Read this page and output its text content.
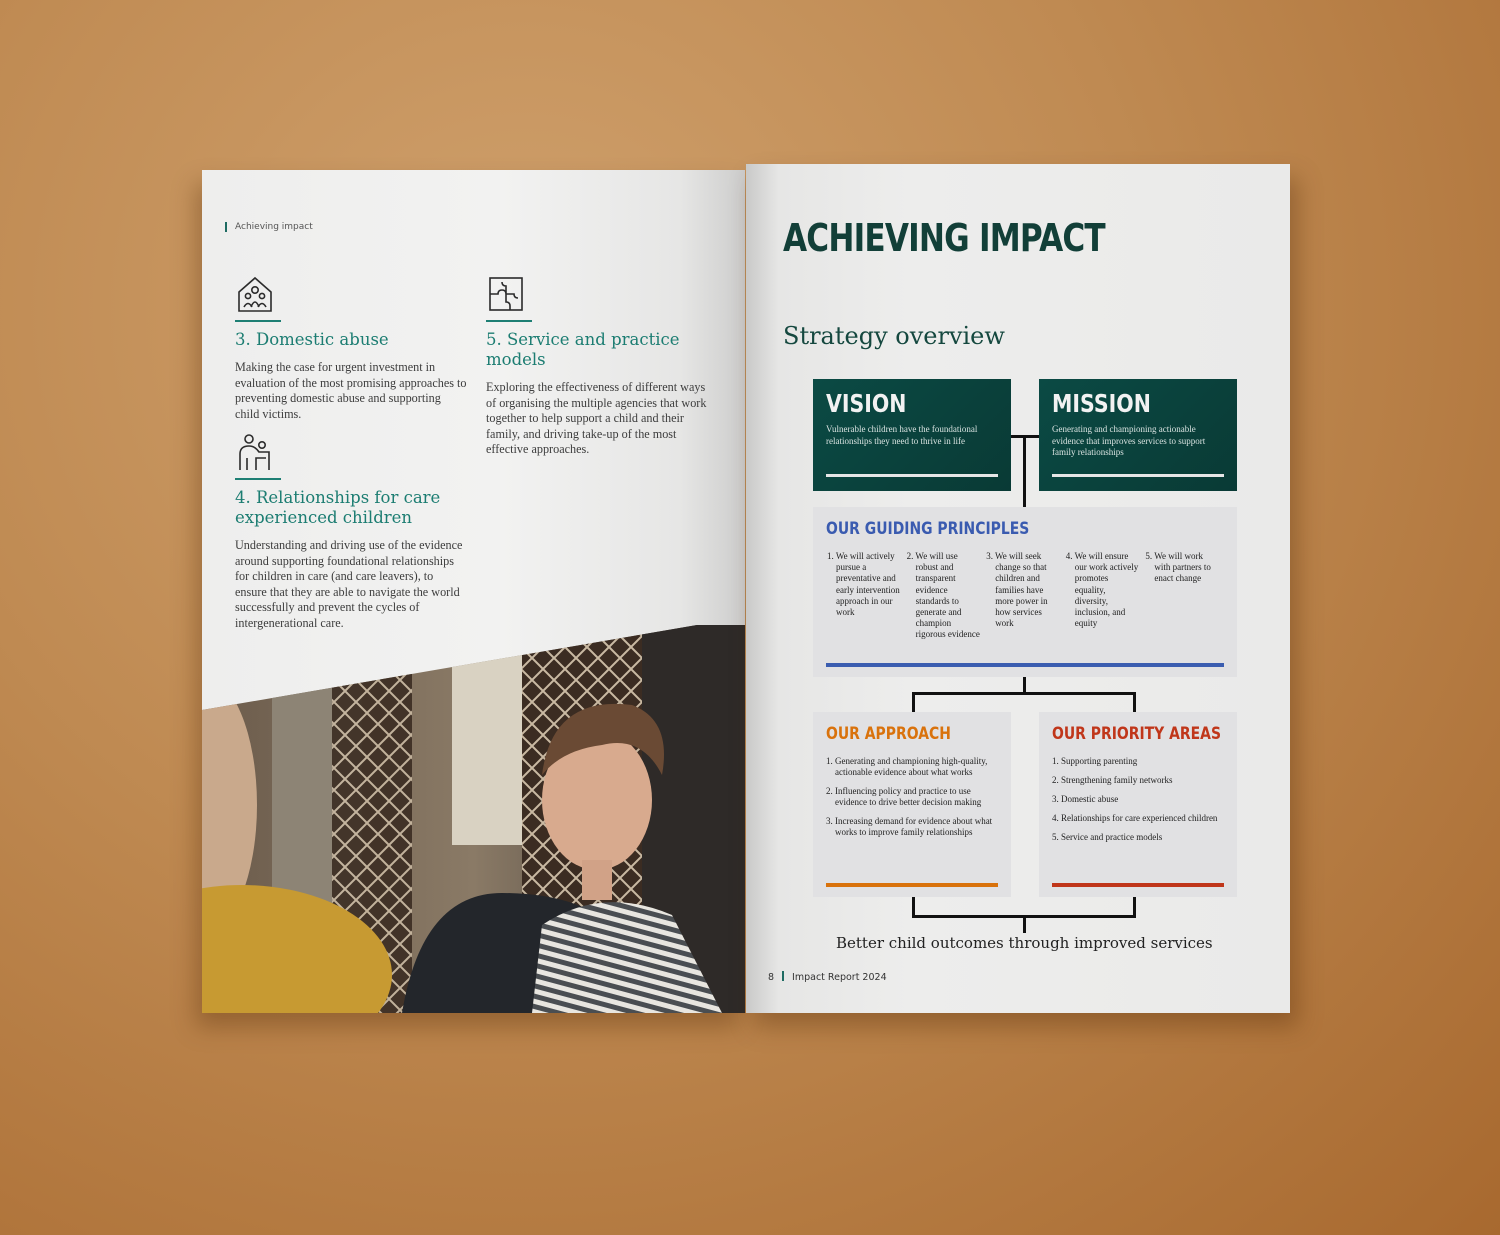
Achieving impact
3. Domestic abuse
Making the case for urgent investment in evaluation of the most promising approaches to preventing domestic abuse and supporting child victims.
4. Relationships for care experienced children
Understanding and driving use of the evidence around supporting foundational relationships for children in care (and care leavers), to ensure that they are able to navigate the world successfully and prevent the cycles of intergenerational care.
5. Service and practice models
Exploring the effectiveness of different ways of organising the multiple agencies that work together to help support a child and their family, and driving take-up of the most effective approaches.
ACHIEVING IMPACT
Strategy overview
VISION
Vulnerable children have the foundational relationships they need to thrive in life
MISSION
Generating and championing actionable evidence that improves services to support family relationships
OUR GUIDING PRINCIPLES
1. We will actively pursue a preventative and early intervention approach in our work
2. We will use robust and transparent evidence standards to generate and champion rigorous evidence
3. We will seek change so that children and families have more power in how services work
4. We will ensure our work actively promotes equality, diversity, inclusion, and equity
5. We will work with partners to enact change
OUR APPROACH
1. Generating and championing high-quality, actionable evidence about what works
2. Influencing policy and practice to use evidence to drive better decision making
3. Increasing demand for evidence about what works to improve family relationships
OUR PRIORITY AREAS
1. Supporting parenting
2. Strengthening family networks
3. Domestic abuse
4. Relationships for care experienced children
5. Service and practice models
Better child outcomes through improved services
8 Impact Report 2024
